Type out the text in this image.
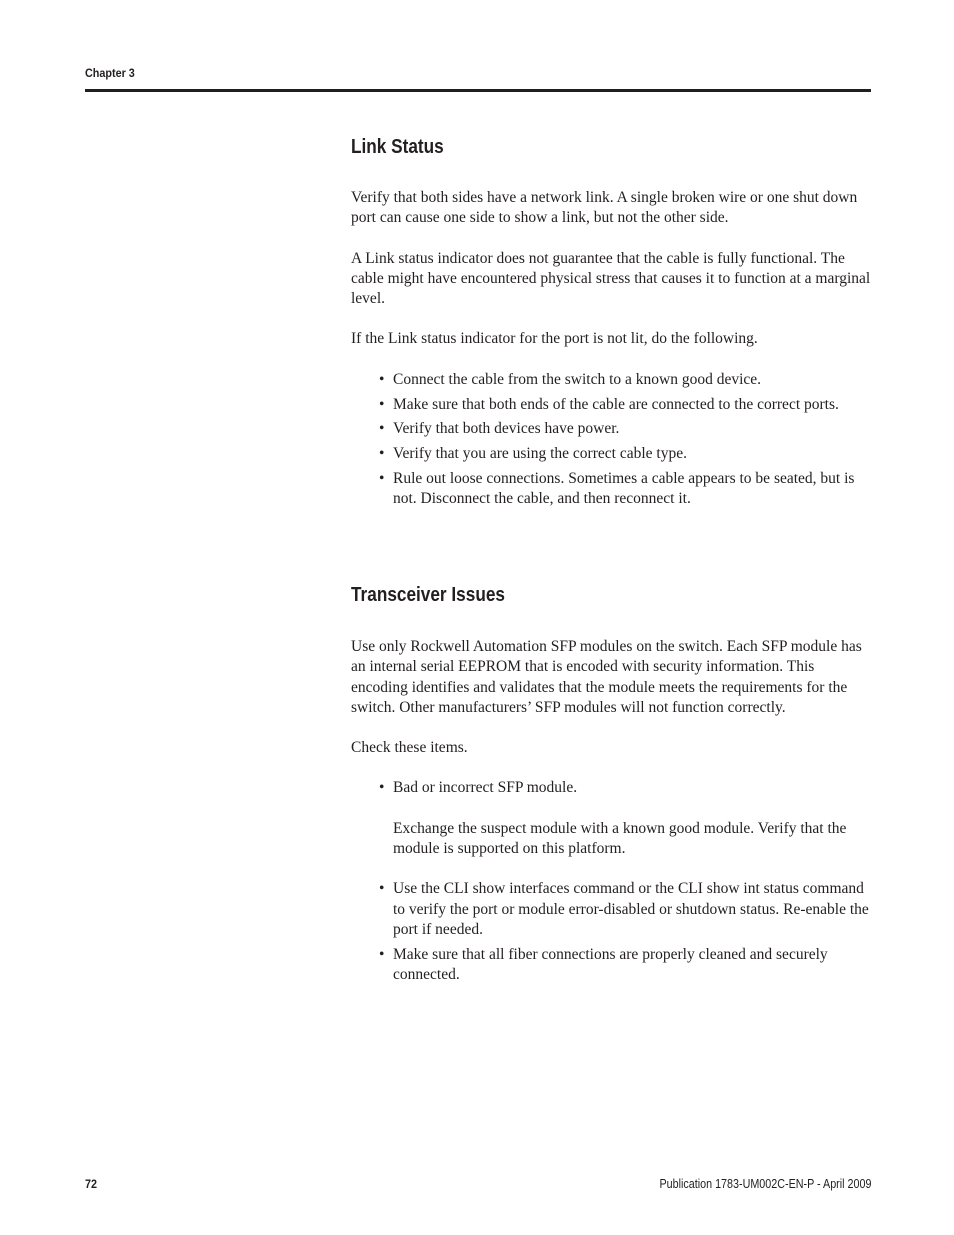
Chapter 3
Link Status

Verify that both sides have a network link. A single broken wire or one shut down port can cause one side to show a link, but not the other side.

A Link status indicator does not guarantee that the cable is fully functional. The cable might have encountered physical stress that causes it to function at a marginal level.

If the Link status indicator for the port is not lit, do the following.

• Connect the cable from the switch to a known good device.
• Make sure that both ends of the cable are connected to the correct ports.
• Verify that both devices have power.
• Verify that you are using the correct cable type.
• Rule out loose connections. Sometimes a cable appears to be seated, but is not. Disconnect the cable, and then reconnect it.
Transceiver Issues

Use only Rockwell Automation SFP modules on the switch. Each SFP module has an internal serial EEPROM that is encoded with security information. This encoding identifies and validates that the module meets the requirements for the switch. Other manufacturers’ SFP modules will not function correctly.

Check these items.

• Bad or incorrect SFP module.

Exchange the suspect module with a known good module. Verify that the module is supported on this platform.

• Use the CLI show interfaces command or the CLI show int status command to verify the port or module error-disabled or shutdown status. Re-enable the port if needed.
• Make sure that all fiber connections are properly cleaned and securely connected.
72	Publication 1783-UM002C-EN-P - April 2009
